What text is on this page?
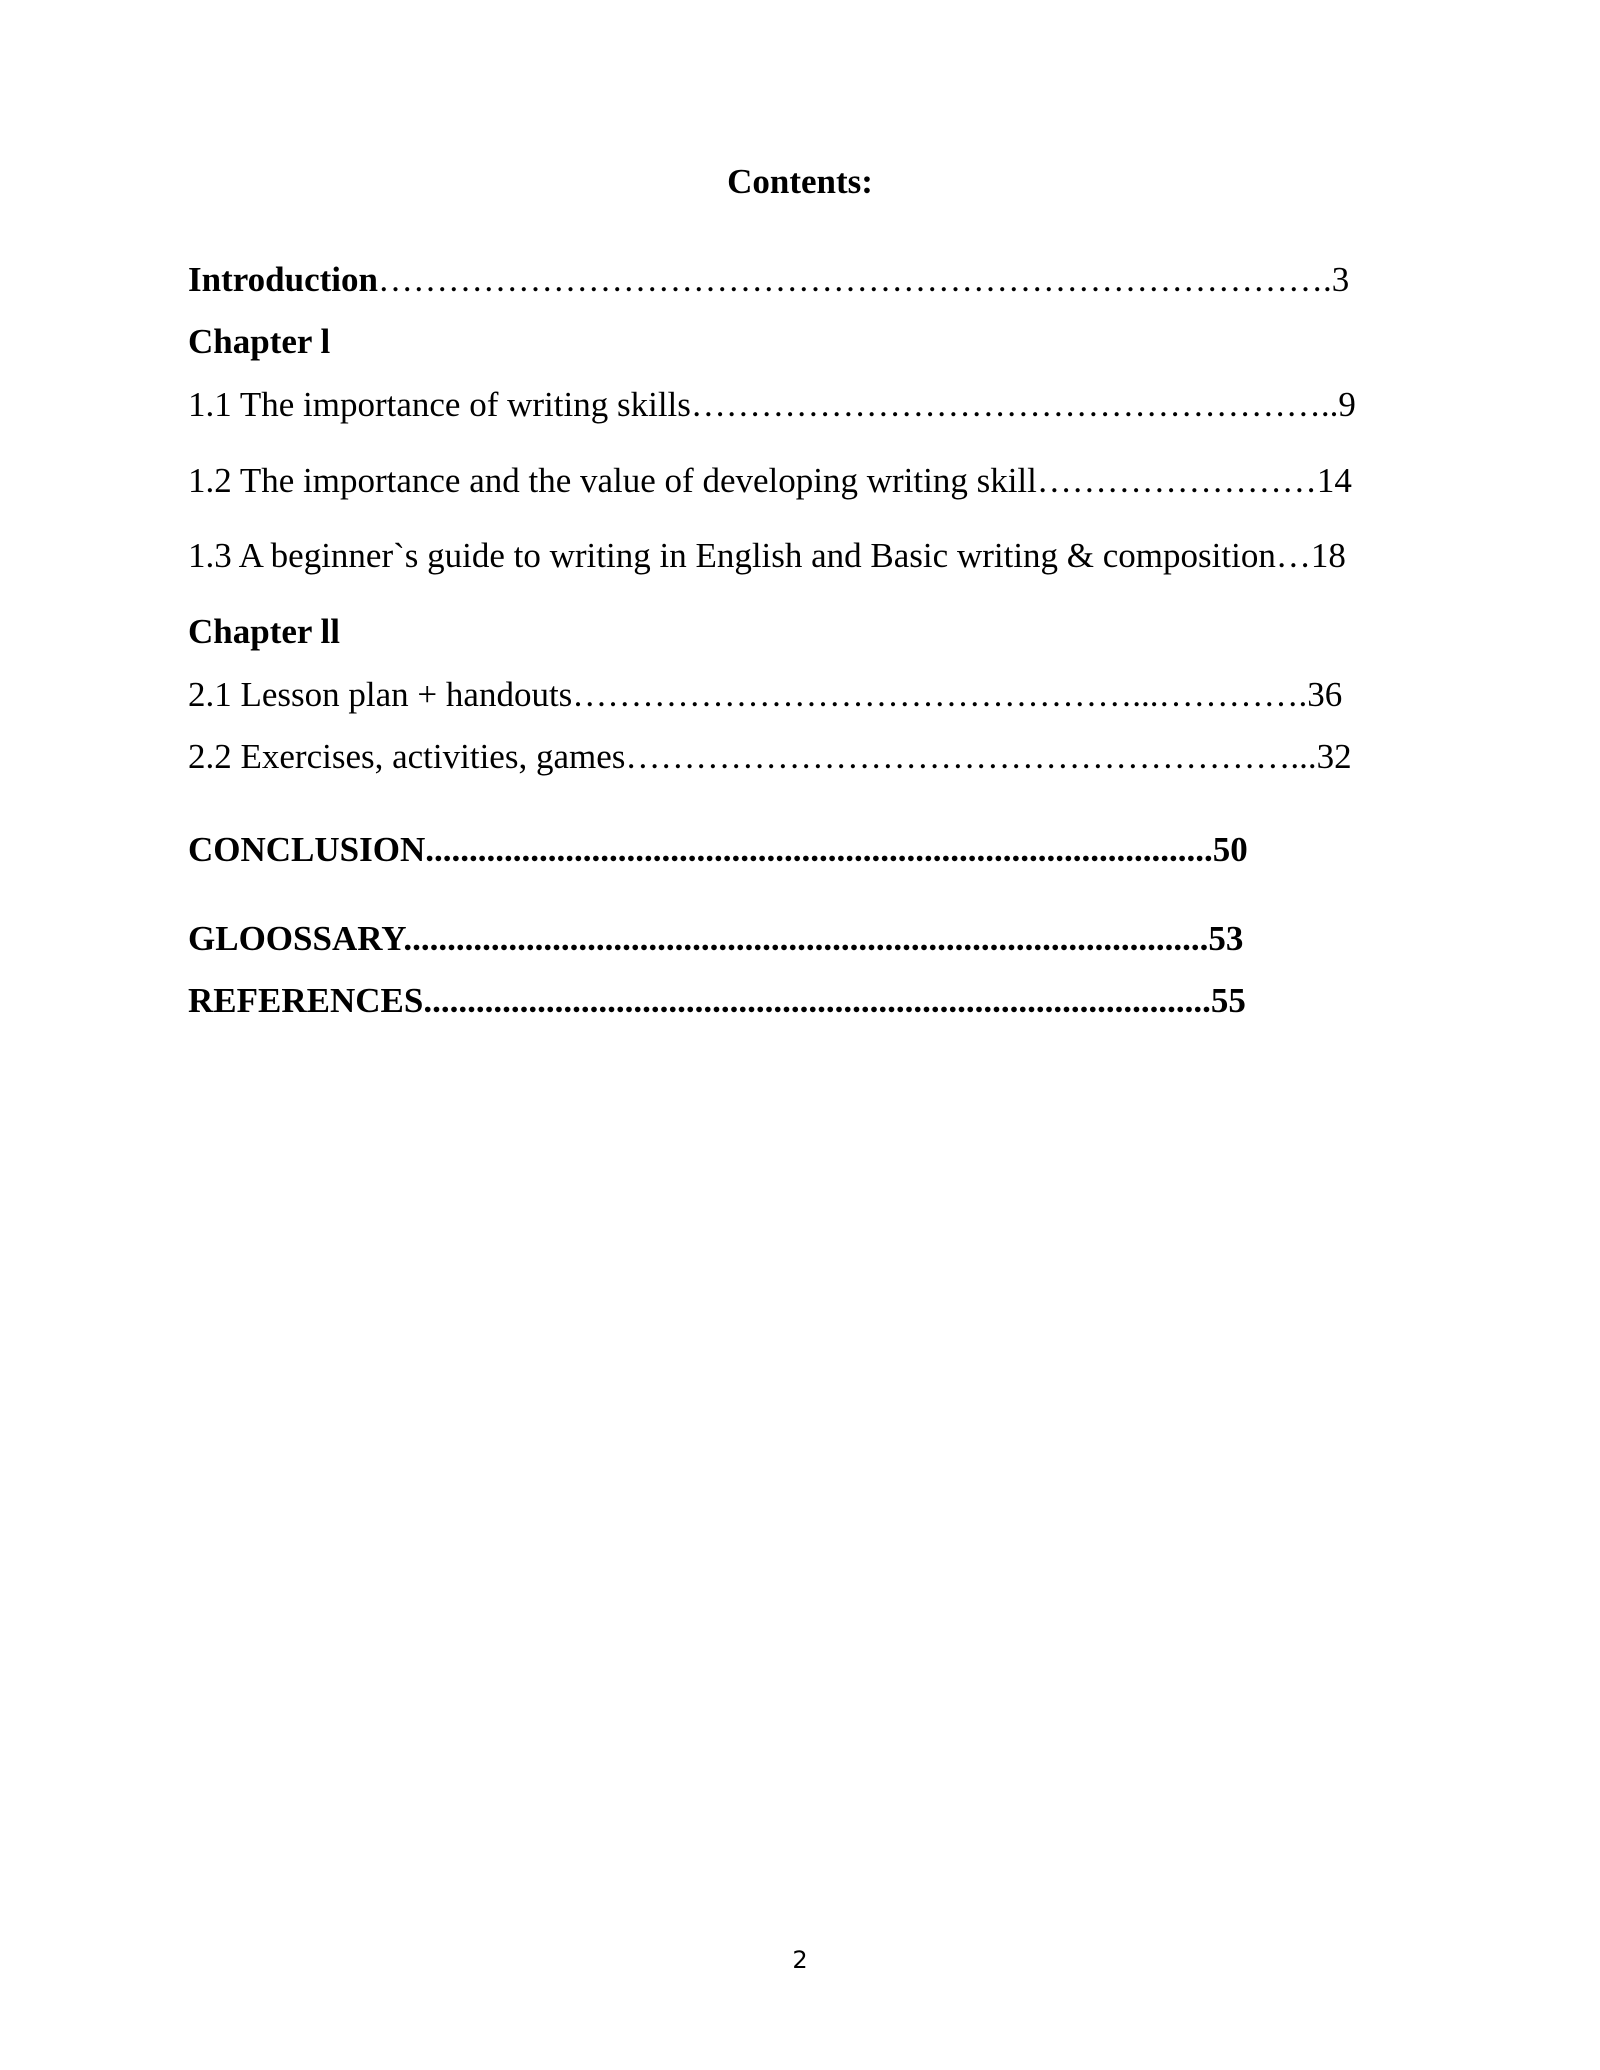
Contents:

Introduction……………………………………………………………………….3

Chapter l

1.1 The importance of writing skills………………………………………………..9

1.2 The importance and the value of developing writing skill……………………14

1.3 A beginner`s guide to writing in English and Basic writing & composition…18

Chapter ll

2.1 Lesson plan + handouts…………………………………………...………….36

2.2 Exercises, activities, games…………………………………………………...32

CONCLUSION..........................................................................................50

GLOOSSARY............................................................................................53

REFERENCES..........................................................................................55

2
